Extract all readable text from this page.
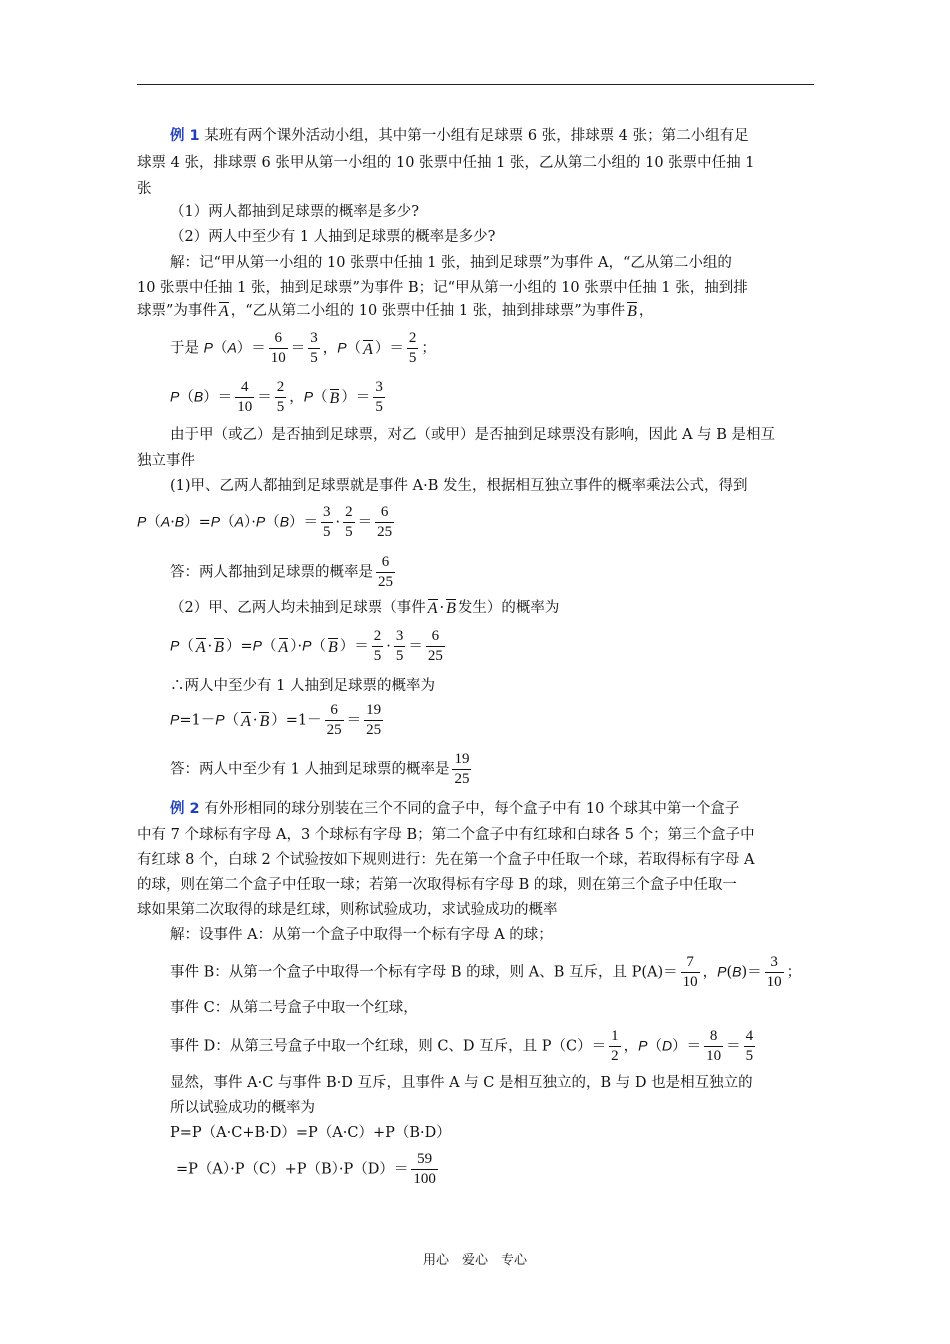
例 1 某班有两个课外活动小组，其中第一小组有足球票 6 张，排球票 4 张；第二小组有足
球票 4 张，排球票 6 张甲从第一小组的 10 张票中任抽 1 张，乙从第二小组的 10 张票中任抽 1
张
（1）两人都抽到足球票的概率是多少?
（2）两人中至少有 1 人抽到足球票的概率是多少?
解：记“甲从第一小组的 10 张票中任抽 1 张，抽到足球票”为事件 A，“乙从第二小组的
10 张票中任抽 1 张，抽到足球票”为事件 B；记“甲从第一小组的 10 张票中任抽 1 张，抽到排
球票”为事件 A ，“乙从第二小组的 10 张票中任抽 1 张，抽到排球票”为事件 B ，
于是 $P(A)= \frac{6}{10} = \frac{3}{5}$ ，P（ A ）＝ $\frac{2}{5}$ ；
$P(B)= \frac{4}{10} = \frac{2}{5}$ ，P（ B ）＝ $\frac{3}{5}$
由于甲（或乙）是否抽到足球票，对乙（或甲）是否抽到足球票没有影响，因此 A 与 B 是相互
独立事件
(1)甲、乙两人都抽到足球票就是事件 A·B 发生，根据相互独立事件的概率乘法公式，得到
$P(A\cdot B)=P(A)\cdot P(B)= \frac{3}{5} \cdot \frac{2}{5} = \frac{6}{25}$
答：两人都抽到足球票的概率是 $\frac{6}{25}$
（2）甲、乙两人均未抽到足球票（事件 A · B 发生）的概率为
P（ A · B ）=P（ A ）·P（ B ）＝ $\frac{2}{5} \cdot \frac{3}{5} = \frac{6}{25}$
∴两人中至少有 1 人抽到足球票的概率为
P=1－P（ A · B ）$=1- \frac{6}{25} = \frac{19}{25}$
答：两人中至少有 1 人抽到足球票的概率是 $\frac{19}{25}$
例 2 有外形相同的球分别装在三个不同的盒子中，每个盒子中有 10 个球其中第一个盒子
中有 7 个球标有字母 A，3 个球标有字母 B；第二个盒子中有红球和白球各 5 个；第三个盒子中
有红球 8 个，白球 2 个试验按如下规则进行：先在第一个盒子中任取一个球，若取得标有字母 A
的球，则在第二个盒子中任取一球；若第一次取得标有字母 B 的球，则在第三个盒子中任取一
球如果第二次取得的球是红球，则称试验成功，求试验成功的概率
解：设事件 A：从第一个盒子中取得一个标有字母 A 的球；
事件 B：从第一个盒子中取得一个标有字母 B 的球，则 A、B 互斥，且 $P(A)= \frac{7}{10}$ ，$P(B)= \frac{3}{10}$ ；
事件 C：从第二号盒子中取一个红球，
事件 D：从第三号盒子中取一个红球，则 C、D 互斥，且 $P(C)= \frac{1}{2}$ ，$P(D)= \frac{8}{10} = \frac{4}{5}$
显然，事件 A·C 与事件 B·D 互斥，且事件 A 与 C 是相互独立的，B 与 D 也是相互独立的
所以试验成功的概率为
P=P（A·C+B·D）=P（A·C）+P（B·D）
$=P(A)\cdot P(C)+P(B)\cdot P(D)= \frac{59}{100}$
用心　爱心　专心
